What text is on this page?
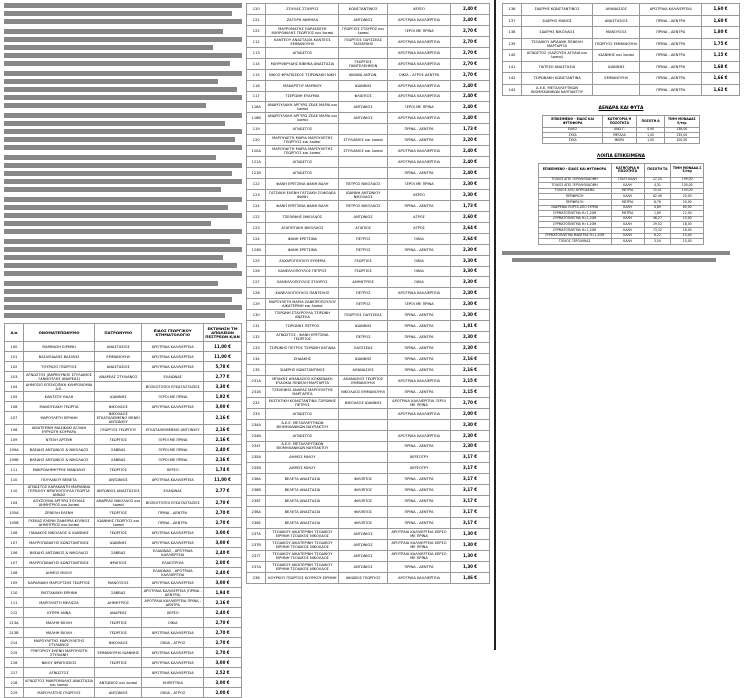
Α/α	ΟΝΟΜΑΤΕΠΩΝΥΜΟ	ΠΑΤΡΩΝΥΜΟ	ΕΙΔΟΣ ΓΕΩΡΓΙΚΟΥ ΚΤΗΜΑΤΟΛΟΓΙΟ	ΕΚΤΙΜΗΣΗ ΤΜ ΑΠΩΛΕΙΩΝ ΠΕΣΤΡΕΩΝ Κ/ΑΝ
100	ΘΑΜΜΑΣΗ ΕΙΡΗΝΗ	ΑΝΑΣΤΑΣΙΟΣ	ΑΡΟΤΡΑΙΑ ΚΑΛΛΙΕΡΓΕΙΑ	11,00 €
101	ΒΑΣΙΛΕΙΑΔΗΣ ΒΑΣΙΛΗΣ	ΕΜΜΑΝΟΥΗΛ	ΑΡΟΤΡΑΙΑ ΚΑΛΛΙΕΡΓΕΙΑ	11,00 €
102	ΤΟΥΡΑΣΟ ΓΕΩΡΓΙΟΣ	ΑΝΑΣΤΑΣΙΟΣ	ΑΡΟΤΡΑΙΑ ΚΑΛΛΙΕΡΓΕΙΑ	5,78 €
103	ΑΓΝΩΣΤΟΣ (ΒΑΡΒΟΥΝΗΣ ΣΤΥΛΙΑΝΟΣ ΞΑΝΘΟΥΛΗΣ ΑΝΔΡΕΑΣ)	ΑΝΔΡΕΑΣ ΣΤΥΛΙΑΝΟΣ	ΕΛΑΙΩΝΑΣ	2,77 €
104	ΔΗΜΟΣΙΟ ΕΠΙΣΚΟΠΙΚΗ ΚΛΗΡΟΝΟΜΙΑ Δ.Ε.		ΒΟΣΚΟΤΟΠΟΙ ΕΓΚΑΤΑΣΤΑΣΕΙΣ	3,30 €
105	ΚΑΝΤΖΟΥ ΘΑΛΗ	ΙΩΑΝΝΗΣ	ΞΕΡΟΙ ΜΕ ΠΡΙΝΑ	1,92 €
106	ΜΑΝΟΥΣΑΚΗ ΓΕΩΡΓΙΑ	ΝΙΚΟΛΑΟΣ	ΑΡΟΤΡΑΙΑ ΚΑΛΛΙΕΡΓΕΙΑ	3,00 €
107	ΜΑΡΟΥΛΕΤΗ ΕΙΡΗΝΗ	ΝΙΚΟΛΑΟΣ ΕΓΚΑΤΑΛΕΙΜΕΝΟ ΜΕΝΕΙ ΑΝΤΩΝΙΟΥ		2,16 €
108	ΑΙΚΑΤΕΡΙΝΗ ΒΙΑΣΙΚΑΚΙ ΑΓΛΑΙΗ ΕΥΡΥΩΤΗ ΚΟΥΡΑΡΑ	ΓΕΩΡΓΙΟΣ ΓΕΩΡΓΙΟΥ	ΕΓΚΑΤΑΛΕΙΜΜΕΝΟ ΑΝΤΟΝΙΟΥ	2,16 €
109	ΝΤΕΛΗ ΑΡΤΕΜΙ	ΓΕΩΡΓΙΟΣ	ΞΕΡΟΙ ΜΕ ΠΡΙΝΑ	2,16 €
109Α	ΒΛΕΔΗΣ ΑΝΤΩΝΙΟΣ & ΝΙΚΟΛΑΟΣ	ΣΑΒΒΑΣ	ΞΕΡΟΙ ΜΕ ΠΡΙΝΑ	2,40 €
109Β	ΒΛΕΔΗΣ ΑΝΤΩΝΙΟΣ & ΝΙΚΟΛΑΟΣ	ΣΑΒΒΑΣ	ΞΕΡΟΙ ΜΕ ΠΡΙΝΑ	2,16 €
111	ΜΑΚΡΟΔΗΜΗΤΡΗΣ ΜΑΝΩΛΗΣ	ΓΕΩΡΓΙΟΣ	ΧΕΡΣΟ	1,74 €
110	ΠΟΥΛΑΚΟΥ ΒΕΝΕΤΑ	ΑΝΤΩΝΙΟΣ	ΑΡΟΤΡΑΙΑ ΚΑΛΛΙΕΡΓΕΙΑ	11,00 €
110	ΑΓΝΩΣΤΟΣ ΚΑΡΑΚΑΝΤΗ ΜΑΡΙΑΝΝΑ ΓΕΡΑΣΙΟΥ ΦΡΑΓΚΟΠΟΥΛΑ ΓΕΩΡΓΙΑ ΑΝΝΑΣ	ΑΝΤΩΝΙΟΣ ΑΝΑΣΤΑΣΙΟΣ	ΕΛΑΙΩΝΑΣ	2,77 €
104	ΔΟΥΖΟΥΝΑ ΑΡΓΥΡΩ ΣΟΥΛΙΑΣ ΔΗΜΗΤΡΙΟΣ και λοιποί	ΑΝΔΡΕΑΣ ΝΙΚΟΛΑΟΣ και λοιποί	ΒΟΣΚΟΤΟΠΟΙ ΕΓΚΑΤΑΣΤΑΣΕΙΣ	2,70 €
105Α	ΖΕΝΕΛΗ ΕΛΕΝΗ	ΓΕΩΡΓΙΟΣ	ΠΡΙΝΑ - ΔΕΝΤΡΑ	2,70 €
105Β	ΓΚΕΚΑΣ ΕΛΕΝΗ ΖΑΦΕΙΡΙΑ ΚΟΥΒΟΣ ΔΗΜΗΤΡΙΟΣ και λοιποί	ΙΩΑΝΝΗΣ ΓΕΩΡΓΙΟΣ και λοιποί	ΠΡΙΝΑ - ΔΕΝΤΡΑ	2,70 €
106	ΠΑΝΑΚΟΣ ΝΙΚΟΛΑΟΣ & ΙΩΑΝΝΗΣ	ΓΕΩΡΓΙΟΣ	ΑΡΟΤΡΑΙΑ ΚΑΛΛΙΕΡΓΕΙΑ	3,00 €
107	ΜΑΥΡΟΠΑΝΑΓΗΣ ΚΩΝΣΤΑΝΤΙΝΟΣ	ΙΩΑΝΝΗΣ	ΑΡΟΤΡΑΙΑ ΚΑΛΛΙΕΡΓΕΙΑ	3,00 €
106	ΒΛΕΔΗΣ ΑΝΤΩΝΙΟΣ & ΝΙΚΟΛΑΟΣ	ΣΑΒΒΑΣ	ΕΛΑΙΩΝΑΣ - ΑΡΟΤΡΑΙΑ ΚΑΛΛΙΕΡΓΕΙΑ	2,40 €
107	ΜΑΥΡΟΠΑΝΑΓΗΣ ΚΩΝΣΤΑΝΤΙΝΟΣ	ΦΡΑΓΚΟΣ	ΕΛΑΙΟΤΡΟΙΑ	2,00 €
108	ΔΗΜΟΣ ΜΙΛΟΥ		ΕΛΑΙΩΝΑΣ - ΑΡΟΤΡΑΙΑ ΚΑΛΛΙΕΡΓΕΙΑ	2,40 €
109	ΚΑΡΑΜΑΚΗ ΜΑΡΟΥΤΣΗΣ ΓΕΩΡΓΙΟΣ	ΜΑΝΟΥΣΟΣ	ΑΡΟΤΡΑΙΑ ΚΑΛΛΙΕΡΓΕΙΑ	3,00 €
110	ΡΑΠΤΑΚΑΚΗ ΕΙΡΗΝΗ	ΣΑΒΒΑΣ	ΑΡΟΤΡΑΙΑ ΚΑΛΛΙΕΡΓΕΙΑ (ΠΡΙΝΑ - ΔΕΝΤΡΑ)	1,94 €
111	ΜΑΡΟΥΛΕΤΗ ΜΕΛΙΣΣΑ	ΔΗΜΗΤΡΙΟΣ	ΑΡΟΤΡΑΙΑ ΚΑΛΛΙΕΡΓΕΙΑ ΠΡΙΝΑ - ΔΕΝΤΡΑ	2,16 €
212	ΚΥΠΡΗ ΑΝΝΑ	ΑΝΔΡΕΑΣ	ΧΕΡΣΟ	2,40 €
213Α	ΜΑΛΗΗ ΒΙΟΛΗ	ΓΕΩΡΓΙΟΣ	ΟΙΚΙΑ	2,70 €
213Β	ΜΑΛΗΗ ΒΙΟΛΗ	ΓΕΩΡΓΙΟΣ	ΑΡΟΤΡΑΙΑ ΚΑΛΛΙΕΡΓΕΙΑ	2,70 €
214	ΜΑΡΟΥΛΕΤΗΣ ΜΑΡΟΥΛΕΤΗΣ ΣΤΥΛΙΑΝΟΣ	ΝΙΚΟΛΑΟΣ	ΟΙΚΙΑ - ΑΓΡΟΣ	2,70 €
215	ΓΡΗΓΟΡΙΟΥ ΕΛΕΝΗ ΜΑΡΟΥΛΕΤΗ ΣΤΥΛΙΑΝΗ	ΕΜΜΑΝΟΥΗΛ ΙΩΑΝΝΗΣ	ΑΡΟΤΡΑΙΑ ΚΑΛΛΙΕΡΓΕΙΑ	2,70 €
216	ΝΙΚΟΥ ΦΡΑΓΚΙΣΚΟΣ	ΓΕΩΡΓΙΟΣ	ΑΡΟΤΡΑΙΑ ΚΑΛΛΙΕΡΓΕΙΑ	3,00 €
217	ΑΓΝΩΣΤΟΣ		ΑΡΟΤΡΑΙΑ ΚΑΛΛΙΕΡΓΕΙΑ	2,52 €
218	ΑΓΝΩΣΤΟΣ ΜΑΚΡΟΜΑΛΗΣ ΑΝΑΣΤΑΣΙΑ και λοιποί	ΑΝΤΩΝΙΟΣ και λοιποί	ΧΗΠΕΥΤΙΚΑ	3,00 €
219	ΜΑΡΟΥΛΕΤΗΣ ΓΕΩΡΓΙΟΣ	ΑΝΤΩΝΙΟΣ	ΟΙΚΙΑ - ΑΓΡΟΣ	2,00 €
120	ΖΟΥΛΑΣ ΣΤΑΥΡΟΣ	ΚΩΝΣΤΑΝΤΙΝΟΣ	ΧΕΡΣΟ	2,40 €
121	ΖΑΓΟΡΗ ΑΝΘΗΛΑ	ΑΝΤΩΝΙΟΣ	ΑΡΟΤΡΑΙΑ ΚΑΛΛΙΕΡΓΕΙΑ	2,40 €
122	ΜΑΥΡΟΜΑΤΗΣ ΠΑΡΑΣΚΕΥΗ ΜΑΥΡΟΦΙΛΗΣ ΓΕΩΡΓΙΟΣ και λοιποί	ΓΕΩΡΓΙΟΣ ΣΤΑΥΡΟΣ και λοιποί	ΞΕΡΟΙ ΜΕ ΠΡΙΝΑ	2,70 €
112	ΚΑΝΤΕΟΥ ΑΝΑΣΤΑΣΙΑ ΚΑΝΤΕΟΣ ΕΜΜΑΝΟΥΗΛ	ΓΕΩΡΓΙΟΣ ΟΔΥΣΣΕΑΣ ΤΑΣΙΑΡΧΗΣ	ΑΡΟΤΡΑΙΑ ΚΑΛΛΙΕΡΓΕΙΑ	2,70 €
113	ΑΓΝΩΣΤΟΣ		ΑΡΟΤΡΑΙΑ ΚΑΛΛΙΕΡΓΕΙΑ	2,70 €
114	ΜΑΥΡΟΦΡΥΔΗΣ ΒΙΒΗΚΑ ΑΝΑΣΤΑΣΙΑ	ΓΕΩΡΓΙΟΣ ΠΑΝΤΕΛΕΗΜΟΝ	ΑΡΟΤΡΑΙΑ ΚΑΛΛΙΕΡΓΕΙΑ	2,70 €
115	ΝΙΚΟΣ ΦΡΑΓΚΙΣΚΟΣ ΤΣΙΡΩΝΑΚΗ ΝΙΚΗ	ΙΑΚΩΒΑ ΑΝΤΩΝ.	ΟΙΚΙΑ - ΑΓΡΟΣ ΔΕΝΤΡΑ	2,70 €
116	ΜΑΚΑΡΙΤΟΥ ΜΑΡΙΝΟΥ	ΙΩΑΝΝΗΣ	ΑΡΟΤΡΑΙΑ ΚΑΛΛΙΕΡΓΕΙΑ	2,40 €
117	ΤΣΕΡΩΝΗ ΕΥΔΥΜΙΑ	ΦΛΑΓΚΟΣ	ΑΡΟΤΡΑΙΑ ΚΑΛΛΙΕΡΓΕΙΑ	2,40 €
118Α	ΑΝΔΡΟΥΛΑΚΗ ΑΡΓΥΡΩ ΖΕΔΕ ΜΑΡΙΑ και λοιποί	ΑΝΤΩΝΙΟΣ	ΞΕΡΟΙ ΜΕ ΠΡΙΝΑ	2,40 €
118Β	ΑΝΔΡΟΥΛΑΚΗ ΑΡΓΥΡΩ ΖΕΔΕ ΜΑΡΙΑ και λοιποί	ΑΝΤΩΝΙΟΣ	ΑΡΟΤΡΑΙΑ ΚΑΛΛΙΕΡΓΕΙΑ	2,40 €
119	ΑΓΝΩΣΤΟΣ		ΠΡΙΝΑ - ΔΕΝΤΡΑ	1,73 €
120	ΜΑΡΟΥΔΕΤΗ ΜΑΡΙΑ ΜΑΡΟΥΛΕΤΗΣ ΓΕΩΡΓΙΟΣ και λοιποί	ΣΤΥΛΙΑΝΟΣ και λοιποί	ΠΡΙΝΑ - ΔΕΝΤΡΑ	2,20 €
120Α	ΜΑΡΟΥΔΕΤΗ ΜΑΡΙΑ ΜΑΡΟΥΛΕΤΗΣ ΓΕΩΡΓΙΟΣ και λοιποί	ΣΤΥΛΙΑΝΟΣ και λοιποί	ΑΡΟΤΡΑΙΑ ΚΑΛΛΙΕΡΓΕΙΑ	2,40 €
121Α	ΑΓΝΩΣΤΟΣ		ΑΡΟΤΡΑΙΑ ΚΑΛΛΙΕΡΓΕΙΑ	2,40 €
121Β	ΑΓΝΩΣΤΟΣ		ΠΡΙΝΑ - ΔΕΝΤΡΑ	2,40 €
122	ΦΑΝΗ ΕΡΕΤΣΙΝΑ ΦΑΝΗ ΒΑΛΗ	ΠΕΤΡΟΣ ΝΙΚΟΛΑΟΣ	ΞΕΡΟΙ ΜΕ ΠΡΙΝΑ	2,30 €
123	ΓΑΤΣΑΚΗ ΕΛΕΝΗ ΓΑΤΣΑΚΗ ΣΟΦΟΔΕΑ ΦΑΝΗ	ΙΩΑΝΝΗ ΑΝΤΩΝΙΟΥ ΝΙΚΟΛΑΟΣ	ΧΕΡΣΟ	2,30 €
124	ΦΑΝΗ ΕΡΕΤΣΙΝΑ ΦΑΝΗ ΒΑΛΗ	ΠΕΤΡΟΣ ΝΙΚΟΛΑΟΣ	ΠΡΙΝΑ - ΔΕΝΤΡΑ	1,73 €
122	ΤΖΕΛΕΦΗΣ ΝΙΚΟΛΑΟΣ	ΑΝΤΩΝΙΟΣ	ΑΓΡΟΣ	2,60 €
123	ΑΓΑΠΗΤΑΚΗ ΝΙΚΟΛΑΟΣ	ΑΓΑΠΙΟΣ	ΑΓΡΟΣ	2,64 €
124	ΦΑΝΗ ΕΡΕΤΣΙΝΑ	ΠΕΤΡΟΣ	ΟΙΚΙΑ	2,64 €
124Β	ΦΑΝΗ ΕΡΕΤΣΙΝΑ	ΠΕΤΡΟΣ	ΠΡΙΝΑ - ΔΕΝΤΡΑ	2,30 €
125	ΖΑΧΑΡΟΠΟΥΛΟΥ ΕΥΘΕΡΙΑ	ΓΕΩΡΓΙΟΣ	ΟΙΚΙΑ	3,30 €
126	ΚΑΝΕΛΛΟΠΟΥΛΟΣ ΠΕΤΡΟΣ	ΓΕΩΡΓΙΟΣ	ΟΙΚΙΑ	3,30 €
127	ΚΑΝΕΛΛΟΠΟΥΛΟΣ ΣΤΑΥΡΟΣ	ΔΗΜΗΤΡΙΟΣ	ΟΙΚΙΑ	3,30 €
128	ΚΑΝΕΛΛΟΠΟΥΛΟΣ ΠΑΝΤΕΛΗΣ	ΠΕΤΡΟΣ	ΑΡΟΤΡΑΙΑ ΚΑΛΛΙΕΡΓΕΙΑ	2,30 €
129	ΜΑΡΟΥΛΕΤΗ ΜΑΡΙΑ ΖΑΦΕΙΡΟΠΟΥΛΟΥ ΑΙΚΑΤΕΡΙΝΗ και λοιποί	ΠΕΤΡΟΣ	ΞΕΡΟΙ ΜΕ ΠΡΙΝΑ	2,30 €
130	ΤΣΙΡΩΝΗ ΣΤΑΥΡΟΥΛΑ ΤΣΙΡΩΝΗ ΑΝΖΕΛΑ	ΓΕΩΡΓΙΟΣ ΟΔΥΣΣΕΑΣ	ΠΡΙΝΑ - ΔΕΝΤΡΑ	2,30 €
131	ΤΣΙΡΩΝΗΣ ΠΕΤΡΟΣ	ΙΩΑΝΝΗΣ	ΠΡΙΝΑ - ΔΕΝΤΡΑ	1,81 €
132	ΑΓΝΩΣΤΟΣ - ΦΑΝΗ ΕΡΕΤΣΙΝΑ ΓΕΩΡΓΙΟΣ	ΠΕΤΡΟΣ	ΠΡΙΝΑ - ΔΕΝΤΡΑ	2,30 €
133	ΤΣΙΡΩΝΗΣ ΠΕΤΡΟΣ ΤΣΙΡΩΝΗ ΚΑΤΑΝΑ	ΟΔΥΣΣΕΑΣ	ΠΡΙΝΑ - ΔΕΝΤΡΑ	2,30 €
134	ΖΗΔΑΚΗΣ	ΙΩΑΝΝΗΣ	ΠΡΙΝΑ - ΔΕΝΤΡΑ	2,16 €
135	ΣΙΔΕΡΗΣ ΚΩΝΣΤΑΝΤΙΝΟΣ	ΑΘΑΝΑΣΙΟΣ	ΠΡΙΝΑ - ΔΕΝΤΡΑ	2,16 €
231Α	ΜΠΑΚΗΣ ΑΘΑΝΑΣΙΟΣ ΚΟΚΚΙΝΑΚΗ ΕΥΔΟΚΙΑ ΠΕΦΕΛΗ ΜΑΡΓΑΡΙΤΑ	ΑΘΑΝΑΣΙΟΣ ΓΕΩΡΓΙΟΣ ΕΜΜΑΝΟΥΗΛ	ΑΡΟΤΡΑΙΑ ΚΑΛΛΙΕΡΓΕΙΑ	2,15 €
231Β	ΤΖΕΛΕΦΗΣ ΑΝΑΡΑΣ ΜΑΡΟΥΛΕΤΗΣ ΜΑΡΓΑΡΙΤΑ	ΝΙΚΟΛΑΟΣ ΕΜΜΑΝΟΥΗΛ	ΠΡΙΝΑ - ΔΕΝΤΡΑ	2,15 €
232	ΕΚΣΤΑΤΙΚΗ ΚΟΝΙΣΤΑΝΤΙΝΑ ΤΣΙΡΩΝΗΣ ΠΕΤΡΟΣ	ΝΙΚΟΛΑΟΣ ΙΩΑΝΝΗΣ	ΑΡΟΤΡΑΙΑ ΚΑΛΛΙΕΡΓΕΙΑ ΞΕΡΟΙ ΜΕ ΠΡΙΝΑ	2,70 €
233	ΑΓΝΩΣΤΟΣ		ΑΡΟΤΡΑΙΑ ΚΑΛΛΙΕΡΓΕΙΑ	2,00 €
234Α	Α.Ε.Ε. ΜΕΤΑΛΛΕΥΤΙΚΩΝ ΒΙΟΜΗΧΑΝΙΚΩΝ ΝΑΥΠΑΚΤΟΥ			2,30 €
234Β	ΑΓΝΩΣΤΟΣ		ΑΡΟΤΡΑΙΑ ΚΑΛΛΙΕΡΓΕΙΑ	2,30 €
234Γ	Α.Ε.Ε. ΜΕΤΑΛΛΕΥΤΙΚΩΝ ΒΙΟΜΗΧΑΝΙΚΩΝ ΝΑΥΠΑΚΤΟΥ		ΠΡΙΝΑ - ΔΕΝΤΡΑ	2,30 €
235Α	ΔΗΜΟΣ ΜΙΛΟΥ		ΧΕΡΣΟΤΡΥ	3,17 €
235Β	ΔΗΜΟΣ ΜΙΛΟΥ		ΧΕΡΣΟΤΡΥ	3,17 €
236Α	ΒΕΛΕΤΑ ΑΝΑΣΤΑΣΙΑ	ΦΙΛΙΠΠΟΣ	ΠΡΙΝΑ - ΔΕΝΤΡΑ	3,17 €
236Β	ΒΕΛΕΤΑ ΑΝΑΣΤΑΣΙΑ	ΦΙΛΙΠΠΟΣ	ΠΡΙΝΑ - ΔΕΝΤΡΑ	3,17 €
236Γ	ΒΕΛΕΤΑ ΑΝΑΣΤΑΣΙΑ	ΦΙΛΙΠΠΟΣ	ΠΡΙΝΑ - ΔΕΝΤΡΑ	3,17 €
236Δ	ΒΕΛΕΤΑ ΑΝΑΣΤΑΣΙΑ	ΦΙΛΙΠΠΟΣ	ΠΡΙΝΑ - ΔΕΝΤΡΑ	3,17 €
236Ε	ΒΕΛΕΤΑ ΑΝΑΣΤΑΣΙΑ	ΦΙΛΙΠΠΟΣ	ΠΡΙΝΑ - ΔΕΝΤΡΑ	3,17 €
237Α	ΤΣΟΔΙΚΟΥ ΑΙΚΑΤΕΡΙΝΗ ΤΣΟΔΙΚΟΥ ΕΙΡΗΝΗ ΤΣΟΔΙΚΟΣ ΝΙΚΟΛΑΟΣ	ΑΝΤΩΝΙΟΣ	ΑΡΟΤΡΑΙΑ ΚΑΛΛΙΕΡΓΕΙΑ ΧΕΡΣΟ ΜΕ ΠΡΙΝΑ	1,30 €
237Β	ΤΣΟΔΙΚΟΥ ΑΙΚΑΤΕΡΙΝΗ ΤΣΟΔΙΚΟΥ ΕΙΡΗΝΗ ΤΣΟΔΙΚΟΣ ΝΙΚΟΛΑΟΣ	ΑΝΤΩΝΙΟΣ	ΑΡΟΤΡΑΙΑ ΚΑΛΛΙΕΡΓΕΙΑ ΧΕΡΣΟ ΜΕ ΠΡΙΝΑ	1,30 €
237Γ	ΤΣΟΔΙΚΟΥ ΑΙΚΑΤΕΡΙΝΗ ΤΣΟΔΙΚΟΥ ΕΙΡΗΝΗ ΤΣΟΔΙΚΟΣ ΝΙΚΟΛΑΟΣ	ΑΝΤΩΝΙΟΣ	ΑΡΟΤΡΑΙΑ ΚΑΛΛΙΕΡΓΕΙΑ ΧΕΡΣΟ ΜΕ ΠΡΙΝΑ	1,30 €
237Δ	ΤΣΟΔΙΚΟΥ ΑΙΚΑΤΕΡΙΝΗ ΤΣΟΔΙΚΟΥ ΕΙΡΗΝΗ ΤΣΟΔΙΚΟΣ ΝΙΚΟΛΑΟΣ	ΑΝΤΩΝΙΟΣ	ΠΡΙΝΑ - ΔΕΝΤΡΑ	1,30 €
238	ΚΟΥΡΚΟΥ ΓΕΩΡΓΙΟΣ ΚΟΥΡΚΟΥ ΕΙΡΗΝΗ	ΙΑΚΩΒΟΣ ΓΕΩΡΓΙΟΣ	ΑΡΟΤΡΑΙΑ ΚΑΛΛΙΕΡΓΕΙΑ	1,46 €
136	ΣΙΔΕΡΗΣ ΚΩΝΣΤΑΝΤΙΝΟΣ	ΑΘΑΝΑΣΙΟΣ	ΑΡΟΤΡΑΙΑ ΚΑΛΛΙΕΡΓΕΙΑ	1,60 €
137	ΣΙΔΕΡΗΣ ΜΑΝΟΣ	ΑΝΑΣΤΑΣΙΟΣ	ΠΡΙΝΑ - ΔΕΝΤΡΑ	1,60 €
138	ΣΙΔΕΡΗΣ ΝΙΚΟΛΑΟΣ	ΜΑΝΟΥΣΟΣ	ΠΡΙΝΑ - ΔΕΝΤΡΑ	1,80 €
139	ΤΣΟΔΙΚΟΥ ΑΡΙΑΔΝΗ ΠΕΦΕΛΗ ΜΑΡΓΑΡΙΤΑ	ΓΕΩΡΓΙΟΣ ΕΜΜΑΝΟΥΗΛ	ΠΡΙΝΑ - ΔΕΝΤΡΑ	1,75 €
140	ΑΓΝΩΣΤΟΣ (ΛΑΖΟΥΣΗ ΑΓΛΑΙΑ και λοιποί)	ΙΩΑΝΝΗΣ και λοιποί	ΠΡΙΝΑ - ΔΕΝΤΡΑ	1,15 €
141	ΠΑΤΕΣΗ ΑΝΑΣΤΑΣΙΑ	ΙΩΑΝΝΗΣ	ΠΡΙΝΑ - ΔΕΝΤΡΑ	1,68 €
142	ΤΣΙΡΩΝΑΚΗ ΚΩΝΣΤΑΝΤΙΝΑ	ΕΜΜΑΝΟΥΗΛ	ΠΡΙΝΑ - ΔΕΝΤΡΑ	1,66 €
143	Α.Ε.Ε. ΜΕΤΑΛΛΕΥΤΙΚΩΝ ΒΙΟΜΗΧΑΝΙΚΩΝ ΝΑΥΠΑΚΤΟΥ		ΠΡΙΝΑ - ΔΕΝΤΡΑ	1,62 €
ΔΕΝΔΡΑ ΚΑΙ ΦΥΤΑ
ΕΠΙΚΕΙΜΕΝΟ - ΕΙΔΟΣ ΚΑΙ ΦΥΤΟΦΟΡΑ	ΚΑΤΗΓΟΡΙΑ Η ΠΟΣΟΤΗΤΑ	ΠΟΣΟΤΗ Α	ΤΙΜΗ ΜΟΝΑΔΑΣ €/τεμ
ΕΛΙΕΣ	ΑΝΩ Τ.	4,90	138,00
ΣΥΚΑ	ΜΕΓΑΛΑ	1,00	235,00
ΣΥΚΑ	ΜΙΚΡΑ	1,00	100,00
ΛΟΙΠΑ ΕΠΙΚΕΙΜΕΝΑ
ΕΠΙΚΕΙΜΕΝΟ - ΕΙΔΟΣ ΚΑΙ ΦΥΤΟΦΟΡΑ	ΚΑΤΗΓΟΡΙΑ Η ΠΟΣΟΤΗΤΑ	ΠΟΣΟΤΗ ΤΑ	ΤΙΜΗ ΜΟΝΑΔΑ Σ €/τεμ
ΤΟΙΧΟΣ ΑΠΟ ΞΕΡΟΛΙΘΟΔΟΜΗ	ΠΟΛΥ ΚΑΛΗ	27,20	199,00
ΤΟΙΧΟΣ ΑΠΟ ΞΕΡΟΛΙΘΟΔΟΜΗ	ΚΑΛΗ	4,31	100,00
ΤΟΙΧΟΣ ΑΠΟ ΣΚΥΡΟΔΕΜΑ	ΜΕΤΡΙΑ	15,01	150,00
ΠΕΡΙΦΡΑΞΗ	ΚΑΛΗ	62,06	20,00
ΠΕΡΙΦΡΑΞΗ	ΜΕΤΡΙΑ	8,76	20,00
ΣΙΔΕΡΕΝΙΑ ΠΟΡΤΑ ΑΠΟ ΣΥΡΜΑ	ΚΑΛΗ	4,89	60,00
ΣΥΡΜΑΤΟΠΛΕΓΜΑ Η=1,20Μ	ΜΕΤΡΙΑ	1,69	12,00
ΣΥΡΜΑΤΟΠΛΕΓΜΑ Η=1,20Μ	ΚΑΛΗ	46,27	15,00
ΣΥΡΜΑΤΟΠΛΕΓΜΑ Η=1,20Μ	ΚΑΛΗ	29,52	18,00
ΣΥΡΜΑΤΟΠΛΕΓΜΑ Η=1,20Μ	ΚΑΛΗ	73,32	18,00
ΣΥΡΜΑΤΟΠΛΕΓΜΑ ΜΑΝΤΡΑΣ Η=1,20Μ	ΚΑΛΗ	6,22	15,40
ΤΟΙΧΟΣ ΞΕΡΟΛΙΘΙΑΣ	ΚΑΛΗ	3,54	15,00
